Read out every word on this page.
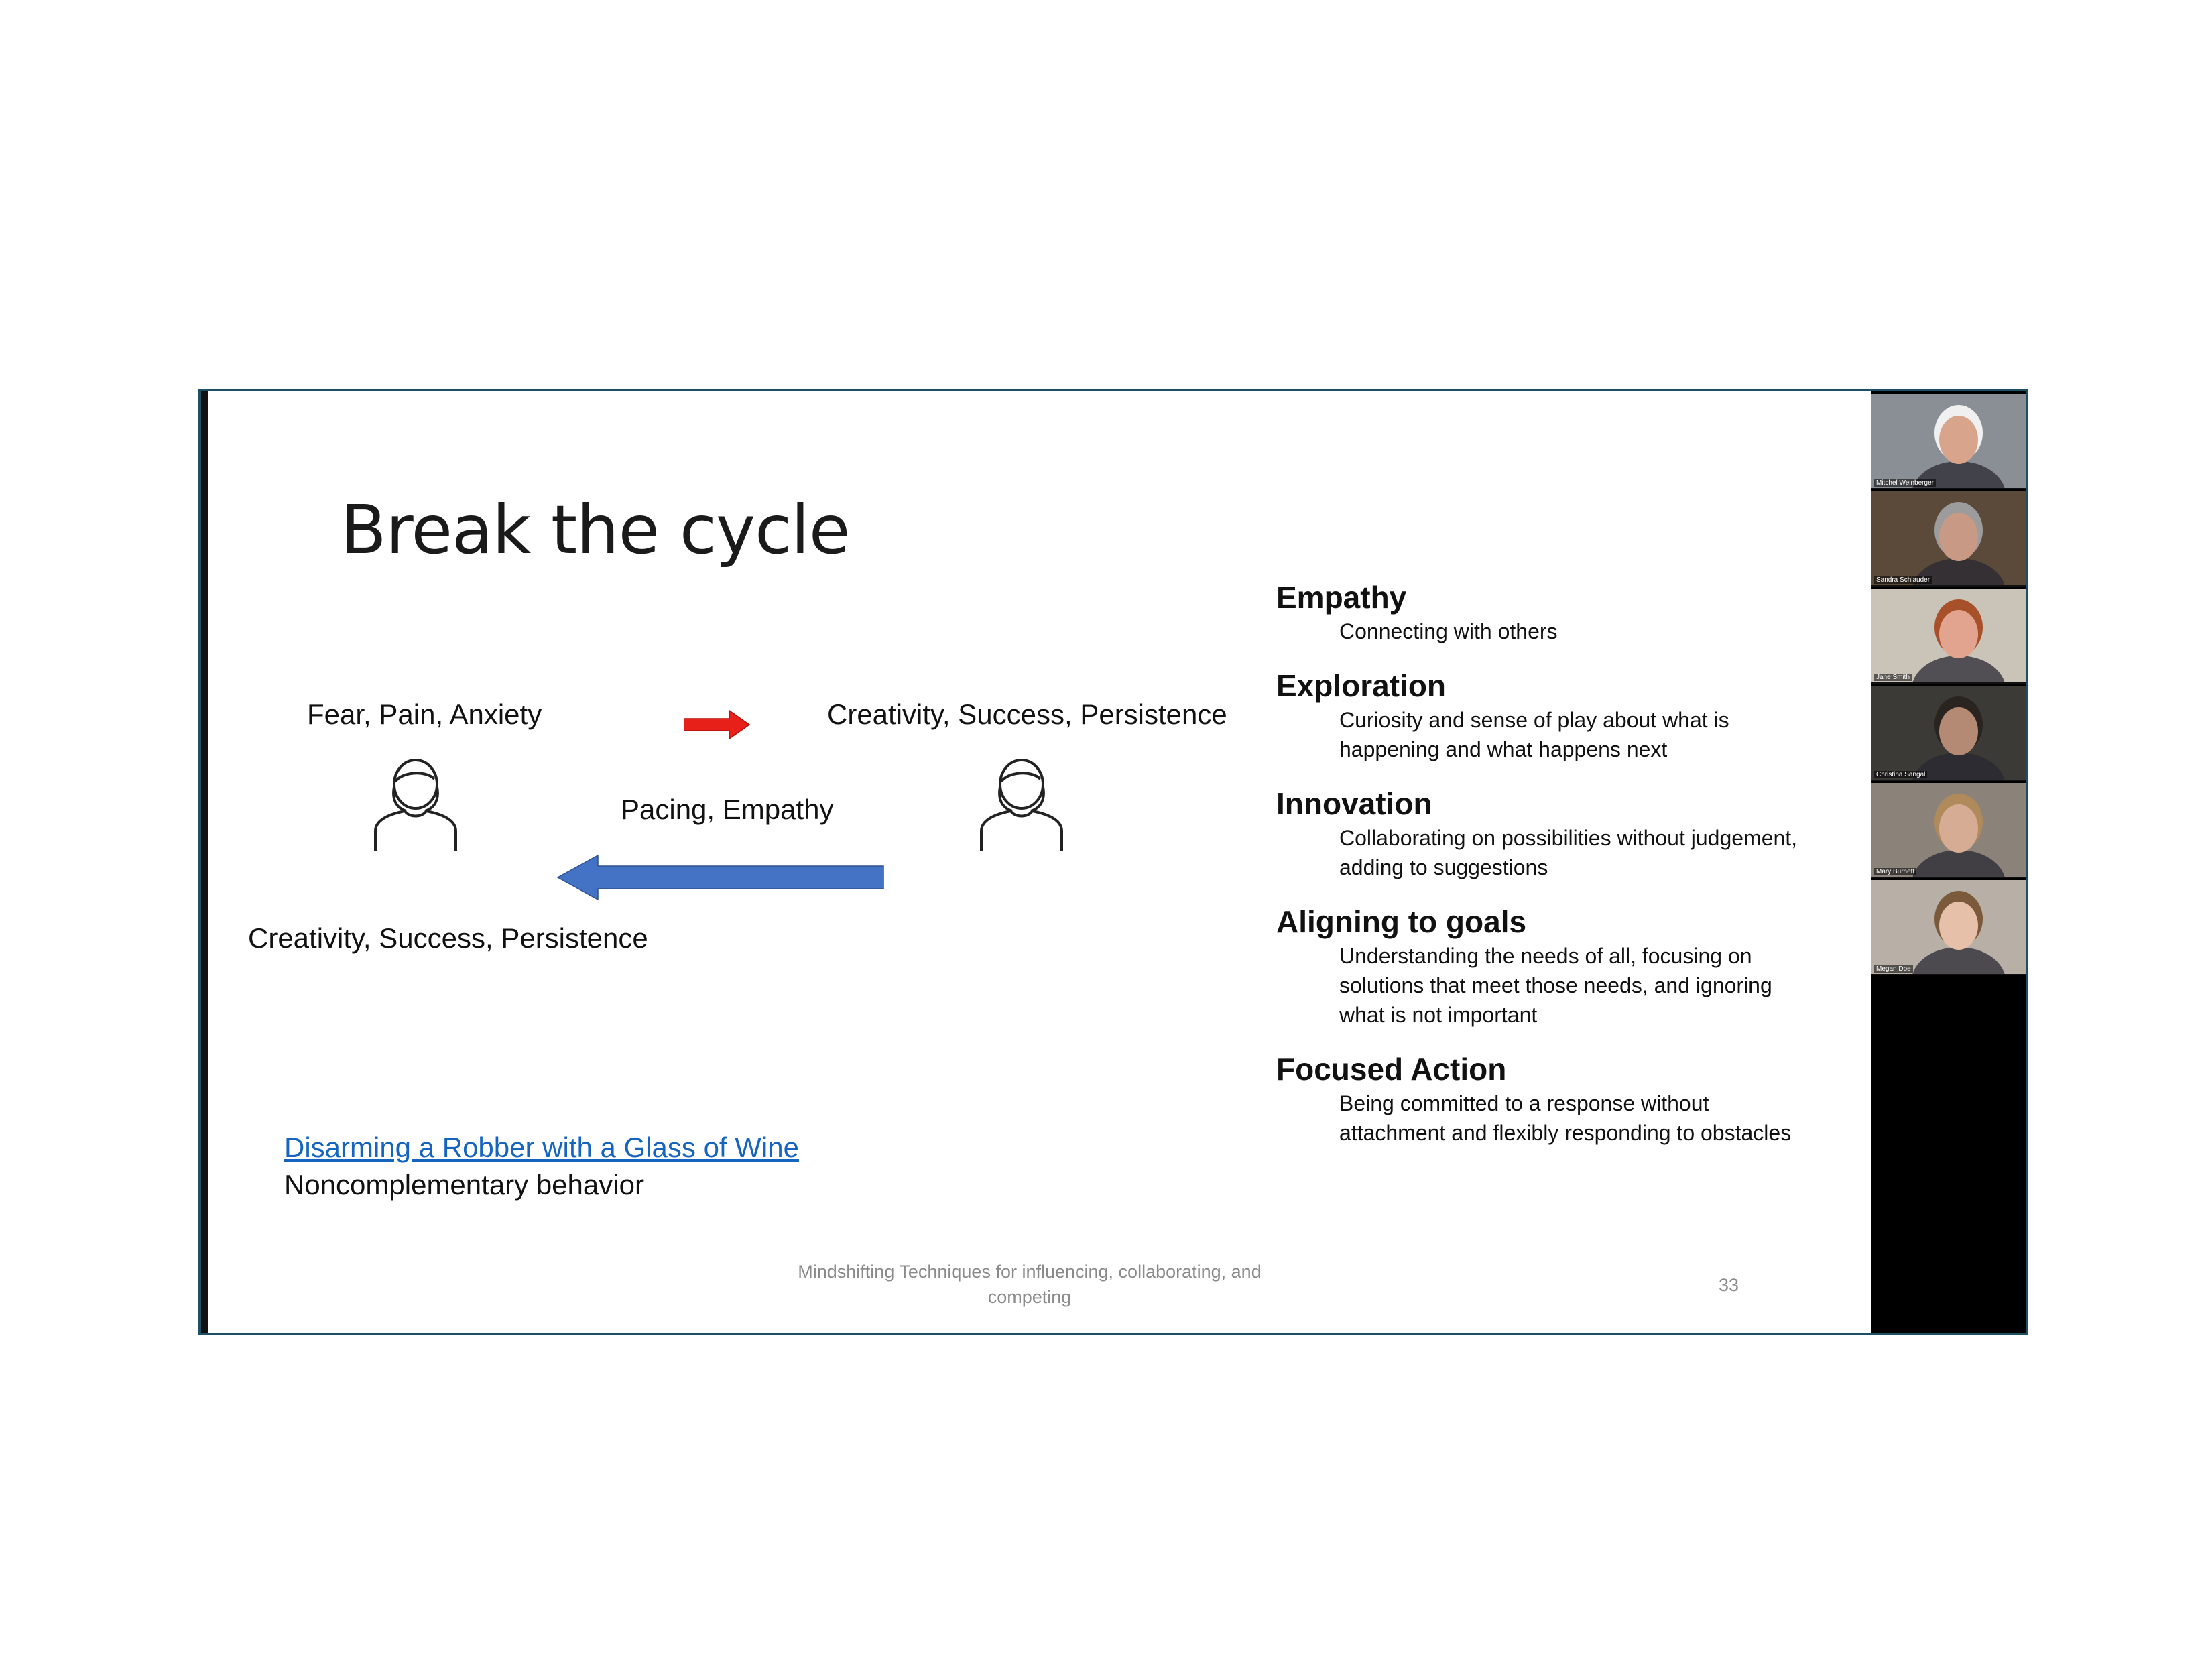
Break the cycle
Fear, Pain, Anxiety	Creativity, Success, Persistence
Pacing, Empathy
Creativity, Success, Persistence
Disarming a Robber with a Glass of Wine
Noncomplementary behavior
Empathy
Connecting with others
Exploration
Curiosity and sense of play about what is
happening and what happens next
Innovation
Collaborating on possibilities without judgement,
adding to suggestions
Aligning to goals
Understanding the needs of all, focusing on
solutions that meet those needs, and ignoring
what is not important
Focused Action
Being committed to a response without
attachment and flexibly responding to obstacles
Mindshifting Techniques for influencing, collaborating, and
competing
33
Mitchel Weinberger
Sandra Schlauder
Jane Smith
Christina Sangal
Mary Burnett
Megan Doe
